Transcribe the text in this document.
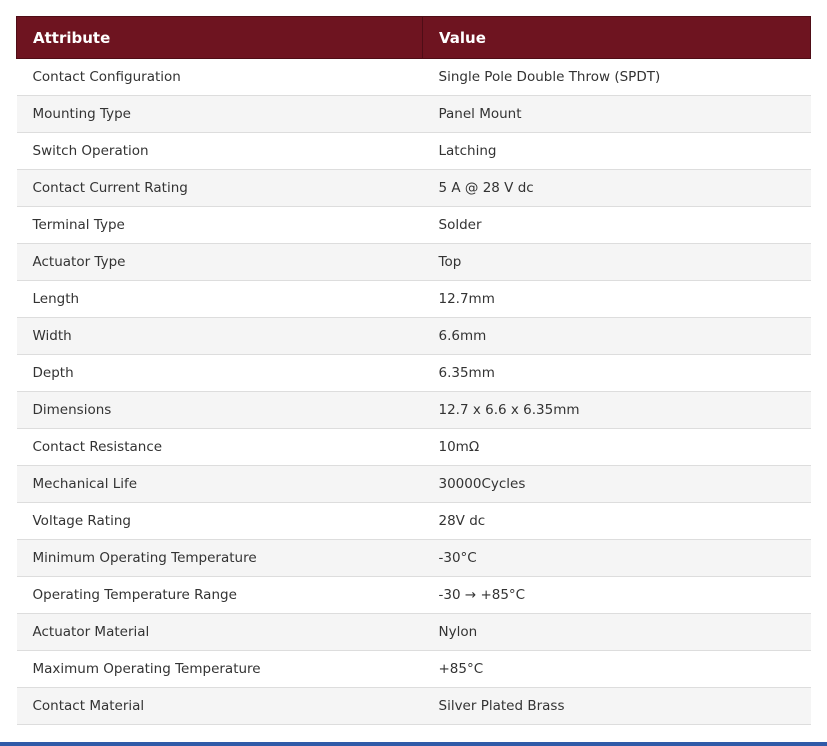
Attribute	Value
Contact Configuration	Single Pole Double Throw (SPDT)
Mounting Type	Panel Mount
Switch Operation	Latching
Contact Current Rating	5 A @ 28 V dc
Terminal Type	Solder
Actuator Type	Top
Length	12.7mm
Width	6.6mm
Depth	6.35mm
Dimensions	12.7 x 6.6 x 6.35mm
Contact Resistance	10mΩ
Mechanical Life	30000Cycles
Voltage Rating	28V dc
Minimum Operating Temperature	-30°C
Operating Temperature Range	-30 → +85°C
Actuator Material	Nylon
Maximum Operating Temperature	+85°C
Contact Material	Silver Plated Brass
